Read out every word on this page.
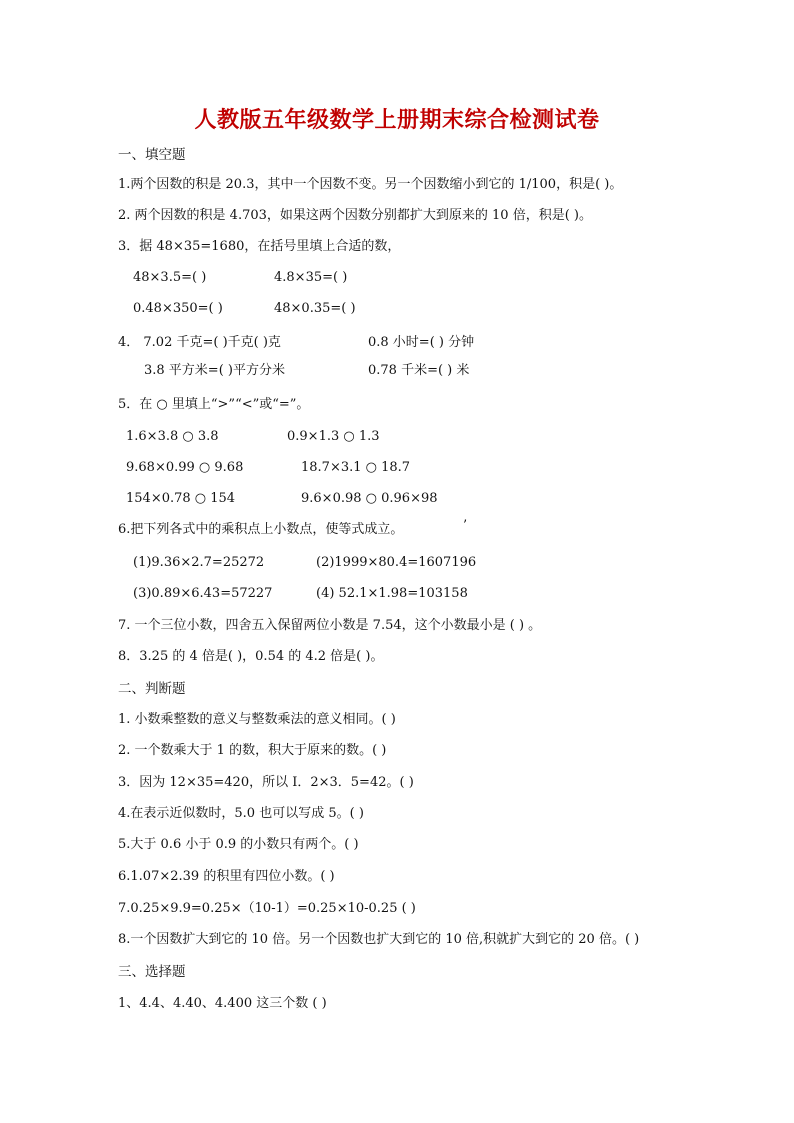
人教版五年级数学上册期末综合检测试卷
一、填空题
1.两个因数的积是 20.3，其中一个因数不变。另一个因数缩小到它的 1/100，积是( )。
2. 两个因数的积是 4.703，如果这两个因数分别都扩大到原来的 10 倍，积是( )。
3．据 48×35=1680，在括号里填上合适的数，
48×3.5=( )	4.8×35=( )
0.48×350=( )	48×0.35=( )
4． 7.02 千克=( )千克( )克	0.8 小时=( ) 分钟
3.8 平方米=( )平方分米	0.78 千米=( ) 米
5．在 ○ 里填上“>”“<”或“=”。
1.6×3.8 ○ 3.8	0.9×1.3 ○ 1.3
9.68×0.99 ○ 9.68	18.7×3.1 ○ 18.7
154×0.78 ○ 154	9.6×0.98 ○ 0.96×98
6.把下列各式中的乘积点上小数点，使等式成立。	’
(1)9.36×2.7=25272	(2)1999×80.4=1607196
(3)0.89×6.43=57227	(4) 52.1×1.98=103158
7. 一个三位小数，四舍五入保留两位小数是 7.54，这个小数最小是 ( ) 。
8．3.25 的 4 倍是( )，0.54 的 4.2 倍是( )。
二、判断题
1. 小数乘整数的意义与整数乘法的意义相同。( )
2. 一个数乘大于 1 的数，积大于原来的数。( )
3．因为 12×35=420，所以 I．2×3．5=42。( )
4.在表示近似数时，5.0 也可以写成 5。( )
5.大于 0.6 小于 0.9 的小数只有两个。( )
6.1.07×2.39 的积里有四位小数。( )
7.0.25×9.9=0.25×（10-1）=0.25×10-0.25 ( )
8.一个因数扩大到它的 10 倍。另一个因数也扩大到它的 10 倍,积就扩大到它的 20 倍。( )
三、选择题
1、4.4、4.40、4.400 这三个数 ( )
